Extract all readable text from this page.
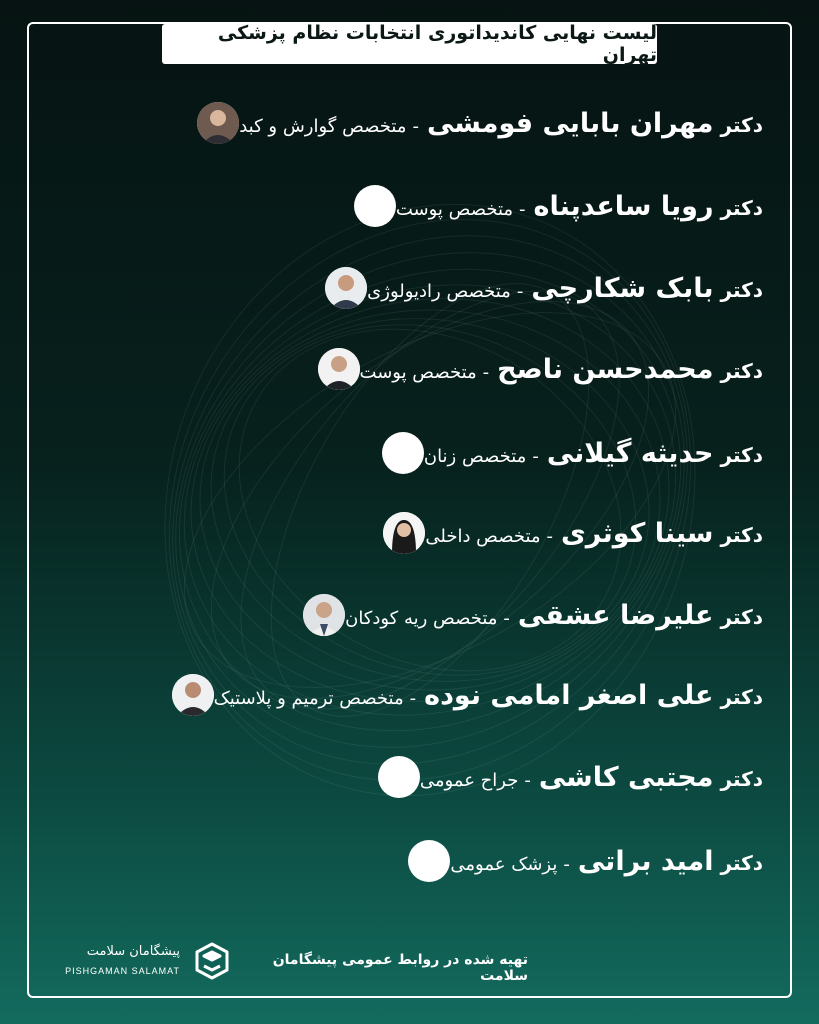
لیست نهایی کاندیداتوری انتخابات نظام پزشکی تهران
دکتر
مهران بابایی فومشی
-
متخصص گوارش و کبد
دکتر
رویا ساعدپناه
-
متخصص پوست
دکتر
بابک شکارچی
-
متخصص رادیولوژی
دکتر
محمدحسن ناصح
-
متخصص پوست
دکتر
حدیثه گیلانی
-
متخصص زنان
دکتر
سینا کوثری
-
متخصص داخلی
دکتر
علیرضا عشقی
-
متخصص ریه کودکان
دکتر
علی اصغر امامی نوده
-
متخصص ترمیم و پلاستیک
دکتر
مجتبی کاشی
-
جراح عمومی
دکتر
امید براتی
-
پزشک عمومی
تهیه شده در روابط عمومی پیشگامان سلامت
پیشگامان سلامت
PISHGAMAN SALAMAT
